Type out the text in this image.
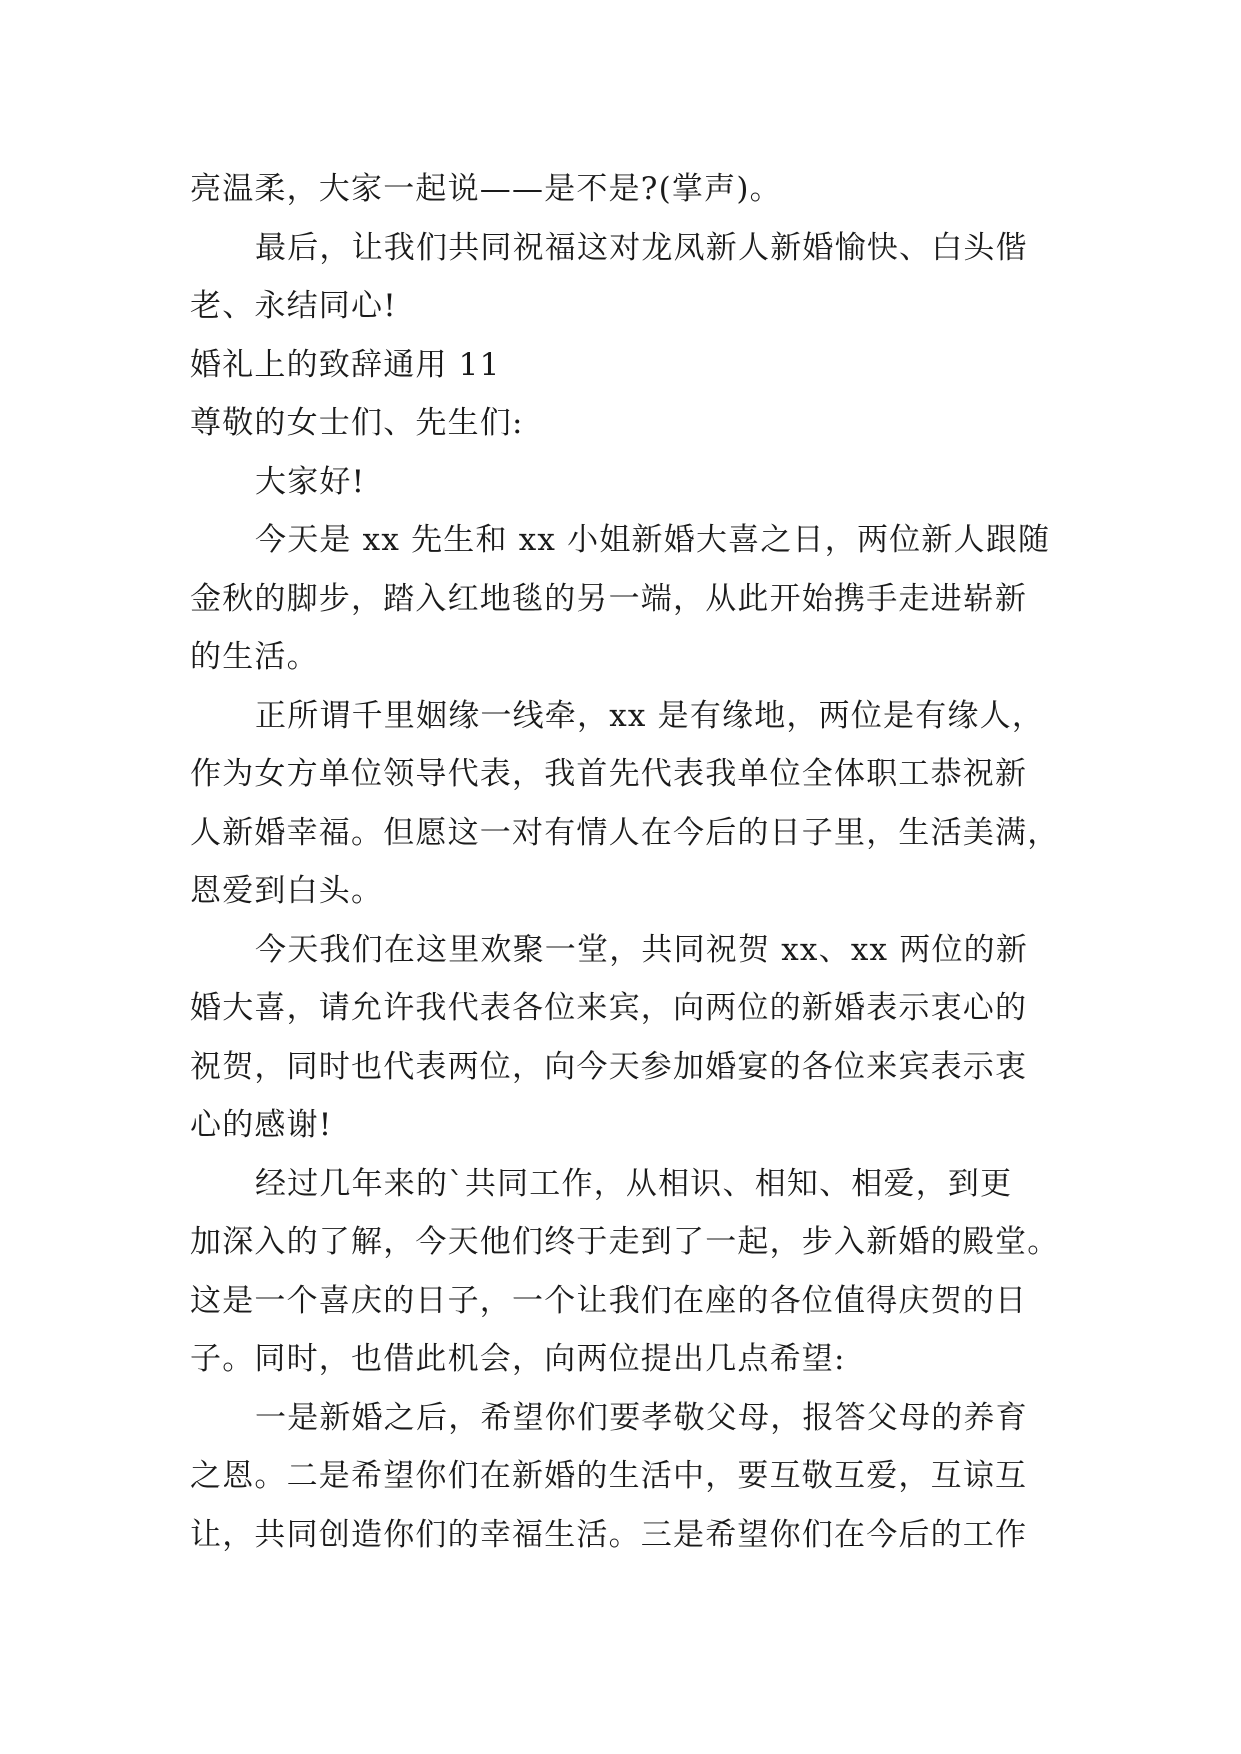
亮温柔，大家一起说——是不是?(掌声)。
最后，让我们共同祝福这对龙凤新人新婚愉快、白头偕
老、永结同心!
婚礼上的致辞通用 11
尊敬的女士们、先生们:
大家好!
今天是 xx 先生和 xx 小姐新婚大喜之日，两位新人跟随
金秋的脚步，踏入红地毯的另一端，从此开始携手走进崭新
的生活。
正所谓千里姻缘一线牵，xx 是有缘地，两位是有缘人，
作为女方单位领导代表，我首先代表我单位全体职工恭祝新
人新婚幸福。但愿这一对有情人在今后的日子里，生活美满，
恩爱到白头。
今天我们在这里欢聚一堂，共同祝贺 xx、xx 两位的新
婚大喜，请允许我代表各位来宾，向两位的新婚表示衷心的
祝贺，同时也代表两位，向今天参加婚宴的各位来宾表示衷
心的感谢!
经过几年来的`共同工作，从相识、相知、相爱，到更
加深入的了解，今天他们终于走到了一起，步入新婚的殿堂。
这是一个喜庆的日子，一个让我们在座的各位值得庆贺的日
子。同时，也借此机会，向两位提出几点希望:
一是新婚之后，希望你们要孝敬父母，报答父母的养育
之恩。二是希望你们在新婚的生活中，要互敬互爱，互谅互
让，共同创造你们的幸福生活。三是希望你们在今后的工作
